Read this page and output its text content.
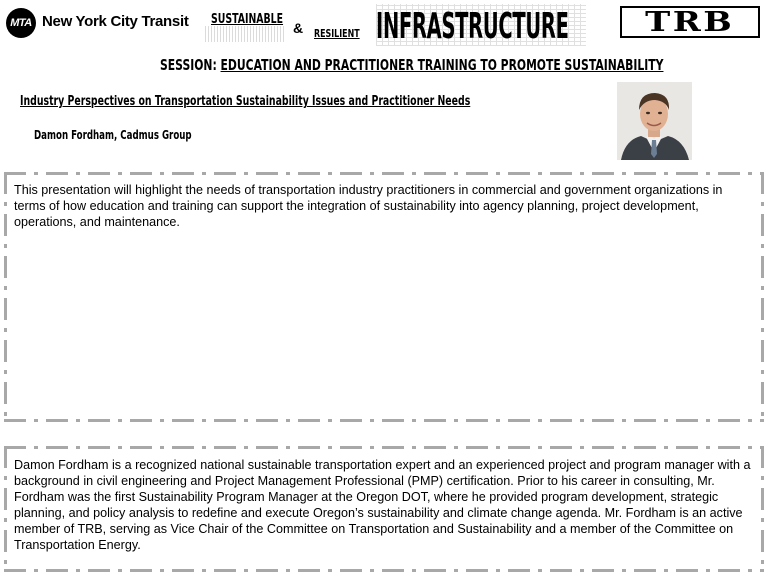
MTA New York City Transit SUSTAINABLE
& RESILIENT INFRASTRUCTURE	TRB
SESSION: EDUCATION AND PRACTITIONER TRAINING TO PROMOTE SUSTAINABILITY
Industry Perspectives on Transportation Sustainability Issues and Practitioner Needs
Damon Fordham, Cadmus Group
This presentation will highlight the needs of transportation industry practitioners in commercial and government organizations in terms of how education and training can support the integration of sustainability into agency planning, project development, operations, and maintenance.
Damon Fordham is a recognized national sustainable transportation expert and an experienced project and program manager with a background in civil engineering and Project Management Professional (PMP) certification. Prior to his career in consulting, Mr. Fordham was the first Sustainability Program Manager at the Oregon DOT, where he provided program development, strategic planning, and policy analysis to redefine and execute Oregon’s sustainability and climate change agenda. Mr. Fordham is an active member of TRB, serving as Vice Chair of the Committee on Transportation and Sustainability and a member of the Committee on Transportation Energy.
